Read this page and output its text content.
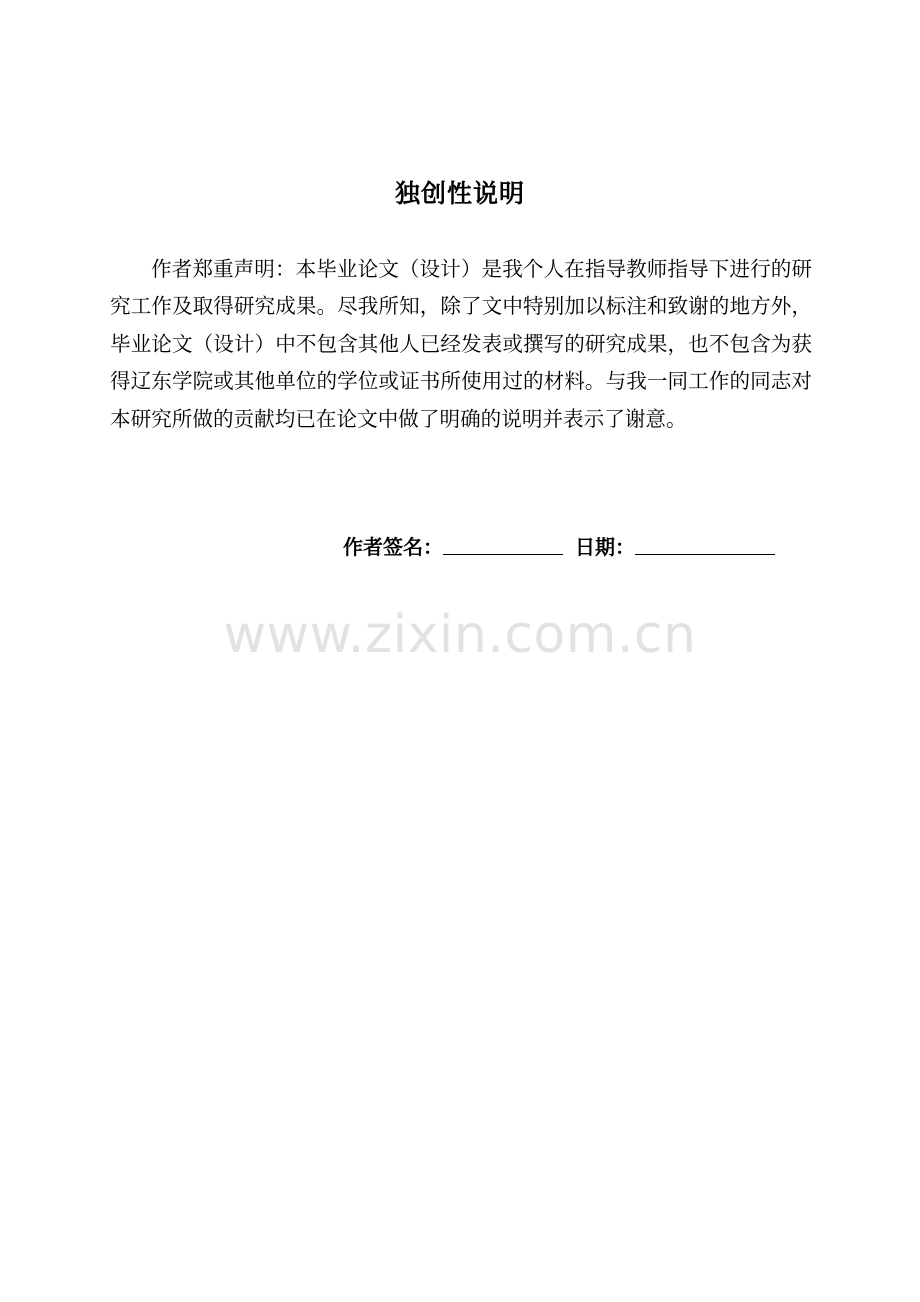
独创性说明

作者郑重声明：本毕业论文（设计）是我个人在指导教师指导下进行的研究工作及取得研究成果。尽我所知，除了文中特别加以标注和致谢的地方外，毕业论文（设计）中不包含其他人已经发表或撰写的研究成果，也不包含为获得辽东学院或其他单位的学位或证书所使用过的材料。与我一同工作的同志对本研究所做的贡献均已在论文中做了明确的说明并表示了谢意。

作者签名：	日期：
www.zixin.com.cn
